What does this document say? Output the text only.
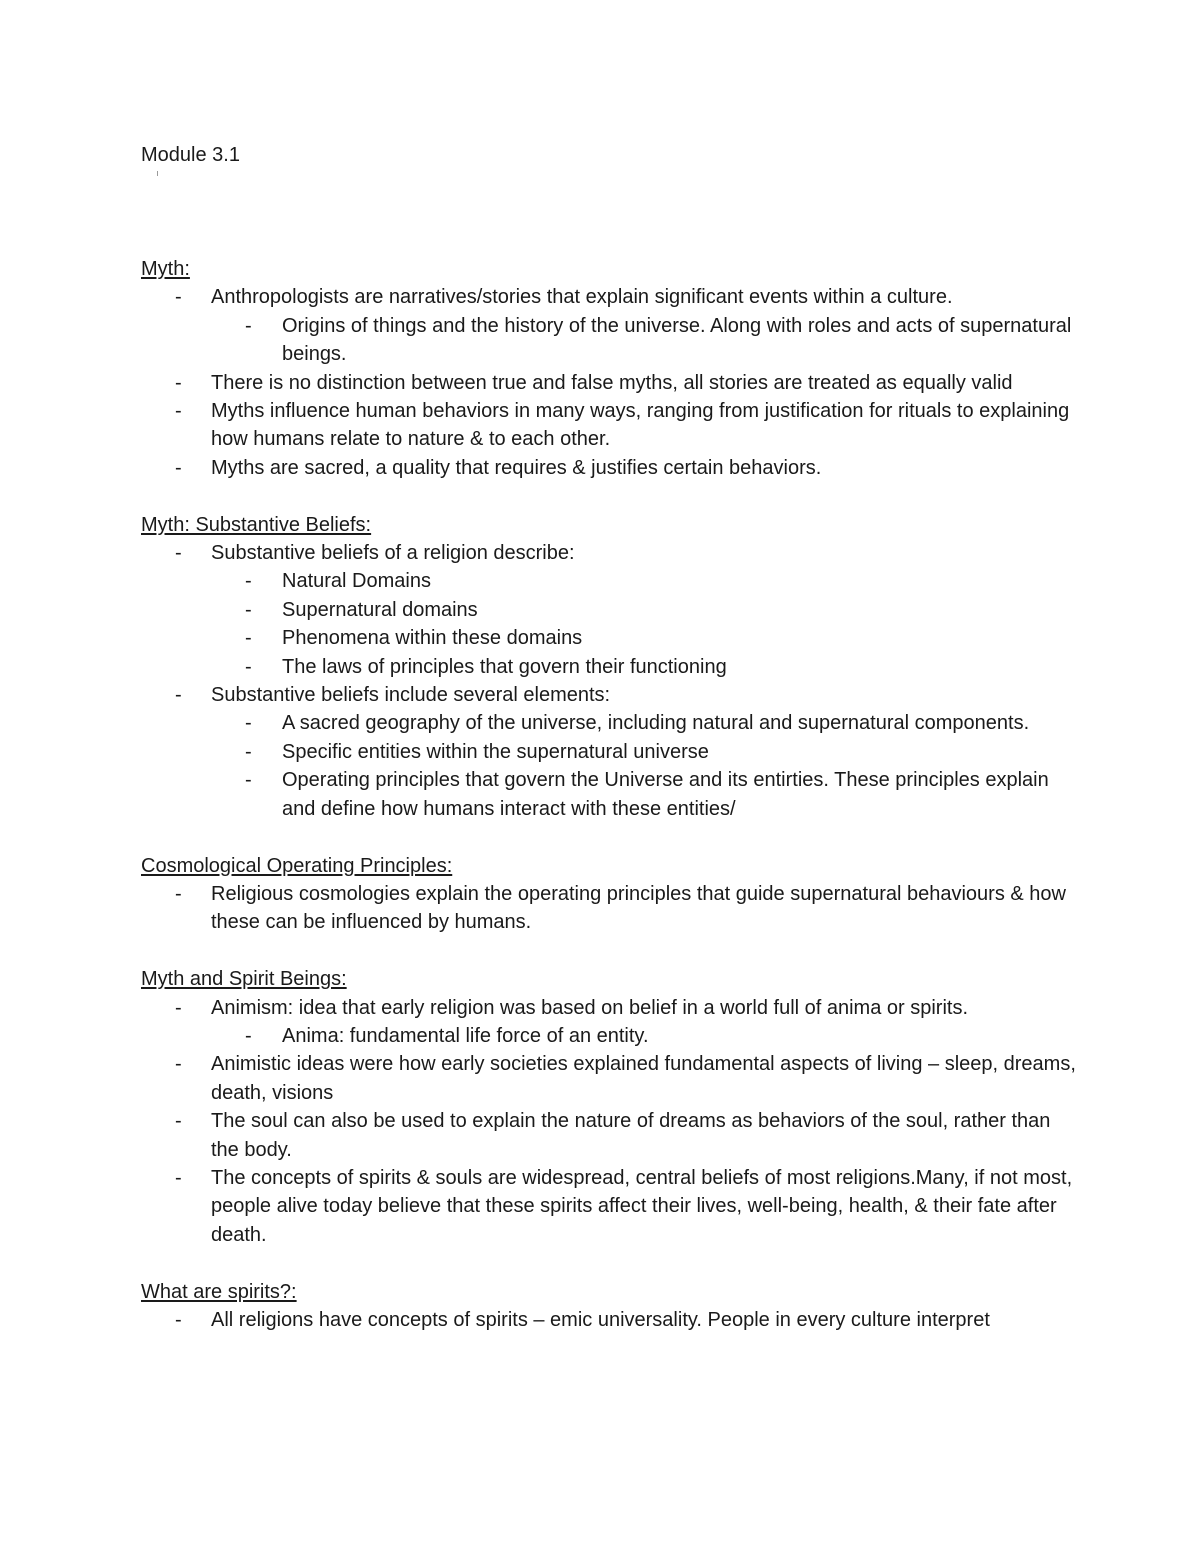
Module 3.1
Myth:
- Anthropologists are narratives/stories that explain significant events within a culture.
- Origins of things and the history of the universe. Along with roles and acts of supernatural beings.
- There is no distinction between true and false myths, all stories are treated as equally valid
- Myths influence human behaviors in many ways, ranging from justification for rituals to explaining how humans relate to nature & to each other.
- Myths are sacred, a quality that requires & justifies certain behaviors.
Myth: Substantive Beliefs:
- Substantive beliefs of a religion describe:
- Natural Domains
- Supernatural domains
- Phenomena within these domains
- The laws of principles that govern their functioning
- Substantive beliefs include several elements:
- A sacred geography of the universe, including natural and supernatural components.
- Specific entities within the supernatural universe
- Operating principles that govern the Universe and its entirties. These principles explain and define how humans interact with these entities/
Cosmological Operating Principles:
- Religious cosmologies explain the operating principles that guide supernatural behaviours & how these can be influenced by humans.
Myth and Spirit Beings:
- Animism: idea that early religion was based on belief in a world full of anima or spirits.
- Anima: fundamental life force of an entity.
- Animistic ideas were how early societies explained fundamental aspects of living – sleep, dreams, death, visions
- The soul can also be used to explain the nature of dreams as behaviors of the soul, rather than the body.
- The concepts of spirits & souls are widespread, central beliefs of most religions.Many, if not most, people alive today believe that these spirits affect their lives, well-being, health, & their fate after death.
What are spirits?:
- All religions have concepts of spirits – emic universality. People in every culture interpret
